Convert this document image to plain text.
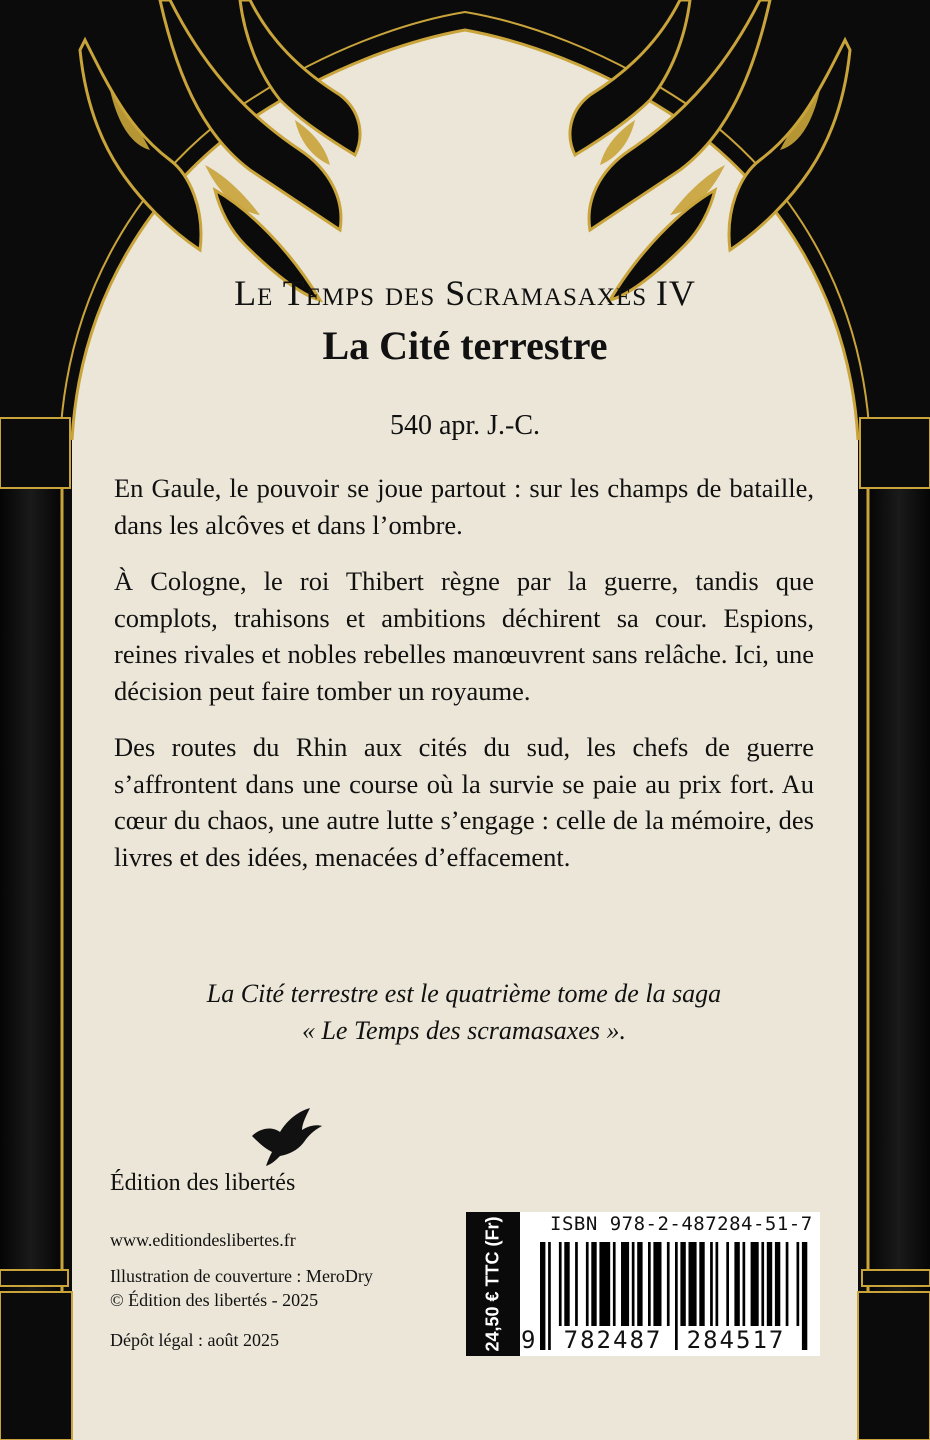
Le Temps des Scramasaxes IV
La Cité terrestre
540 apr. J.-C.

En Gaule, le pouvoir se joue partout : sur les champs de bataille, dans les alcôves et dans l’ombre.

À Cologne, le roi Thibert règne par la guerre, tandis que complots, trahisons et ambitions déchirent sa cour. Espions, reines rivales et nobles rebelles manœuvrent sans relâche. Ici, une décision peut faire tomber un royaume.

Des routes du Rhin aux cités du sud, les chefs de guerre s’affrontent dans une course où la survie se paie au prix fort. Au cœur du chaos, une autre lutte s’engage : celle de la mémoire, des livres et des idées, menacées d’effacement.

La Cité terrestre est le quatrième tome de la saga
« Le Temps des scramasaxes ».
Édition des libertés
www.editiondeslibertes.fr
Illustration de couverture : MeroDry
© Édition des libertés - 2025
Dépôt légal : août 2025	24,50 € TTC (Fr)	ISBN 978-2-487284-51-7
9 782487	284517
